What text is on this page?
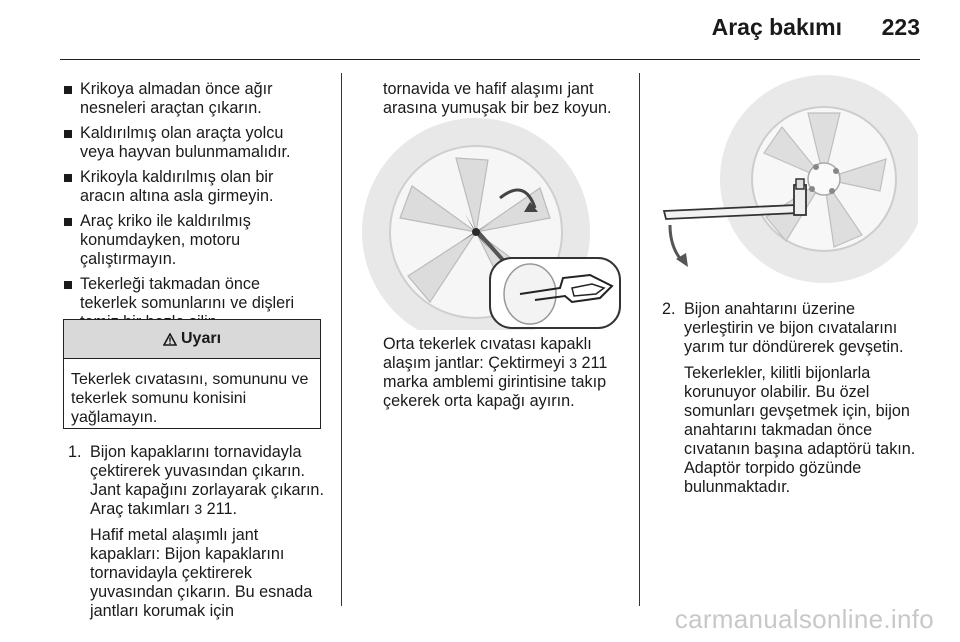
Araç bakımı 223
Krikoya almadan önce ağır nesneleri araçtan çıkarın.
Kaldırılmış olan araçta yolcu veya hayvan bulunmamalıdır.
Krikoyla kaldırılmış olan bir aracın altına asla girmeyin.
Araç kriko ile kaldırılmış konumdayken, motoru çalıştırmayın.
Tekerleği takmadan önce tekerlek somunlarını ve dişleri
Uyarı
Tekerlek cıvatasını, somununu ve tekerlek somunu konisini yağlamayın.
1. Bijon kapaklarını tornavidayla çektirerek yuvasından çıkarın. Jant kapağını zorlayarak çıkarın. Araç takımları 3 211.
Hafif metal alaşımlı jant kapakları: Bijon kapaklarını tornavidayla çektirerek yuvasından çıkarın. Bu esnada jantları korumak için
tornavida ve hafif alaşımı jant arasına yumuşak bir bez koyun.
Orta tekerlek cıvatası kapaklı alaşım jantlar: Çektirmeyi 3 211 marka amblemi girintisine takıp çekerek orta kapağı ayırın.
2. Bijon anahtarını üzerine yerleştirin ve bijon cıvatalarını yarım tur döndürerek gevşetin.
Tekerlekler, kilitli bijonlarla korunuyor olabilir. Bu özel somunları gevşetmek için, bijon anahtarını takmadan önce cıvatanın başına adaptörü takın. Adaptör torpido gözünde bulunmaktadır.
carmanualsonline.info
